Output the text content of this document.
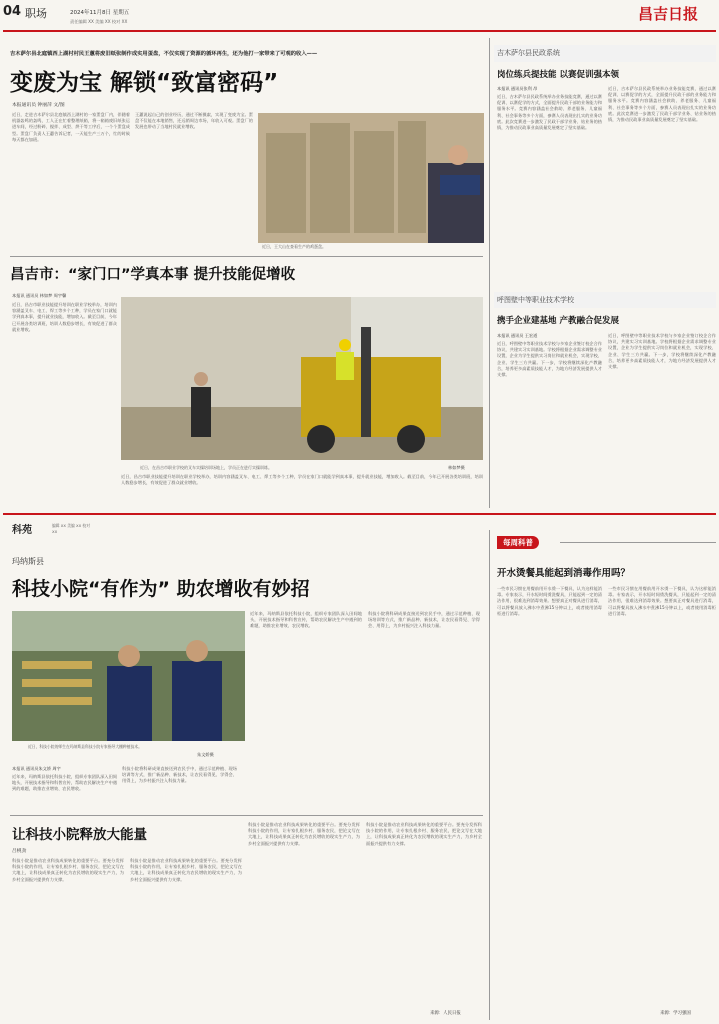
04 职场	2024年11月8日 星期五
责任编辑 XX 美编 XX 校对 XX	昌吉日报
吉木萨尔县北庭镇西上湖村村民王蕙将废旧纸张制作成实用蛋盘，不仅实现了资源的循环再生，还为他打一家带来了可观的收入——
变废为宝 解锁“致富密码”
本报通讯员 钟丽萍 文/图
近日，走进吉木萨尔县北庭镇西上湖村的一家蛋盘厂内，伴随着机器轰鸣的轰鸣，工人正在忙着整理纸箱，将一箱箱废旧纸张运进车间，经过粉碎、搅拌、成型、烘干等工序后，一个个蛋盘成型。蛋盘厂负责人王蕙告诉记者，一天能生产三万个，忙的时候每天都在加班。
王蕙说起自己的创业经历，通过不断摸索，实现了变废为宝。蛋盘不仅能在本地销售，还远销周边市场，年收入可观。蛋盘厂的发展也带动了当地村民就业增收。
近日，王大山在查看生产的鸡蛋盘。
昌吉市：“家门口”学真本事 提升技能促增收
本报讯 通讯员 林如梦 周宇馨
近日，昌吉市职业技能提升培训在职业学校举办，培训内容涵盖叉车、电工、焊工等多个工种，学员在家门口就能学到真本事，提升就业技能，增加收入。截至目前，今年已开展各类培训班，培训人数稳步增长，有效促进了群众就业增收。
近日，在昌吉市职业学校的叉车实操培训场地上，学员正在进行实操训练。	林如梦摄
近日，昌吉市职业技能提升培训在职业学校举办，培训内容涵盖叉车、电工、焊工等多个工种，学员在家门口就能学到真本事，提升就业技能，增加收入。截至目前，今年已开展各类培训班，培训人数稳步增长，有效促进了群众就业增收。
吉木萨尔县民政系统
岗位练兵提技能 以赛促训强本领
本报讯 通讯员张利 昂
近日，吉木萨尔县民政系统举办业务技能竞赛，通过以赛促训、以赛促学的方式，全面提升民政干部的业务能力和服务水平。竞赛内容涵盖社会救助、养老服务、儿童福利、社会事务等多个方面，参赛人员表现出扎实的业务功底。此次竞赛进一步激发了民政干部学业务、钻业务的热情，为推动民政事业高质量发展奠定了坚实基础。
近日，吉木萨尔县民政系统举办业务技能竞赛，通过以赛促训、以赛促学的方式，全面提升民政干部的业务能力和服务水平。竞赛内容涵盖社会救助、养老服务、儿童福利、社会事务等多个方面，参赛人员表现出扎实的业务功底。此次竞赛进一步激发了民政干部学业务、钻业务的热情，为推动民政事业高质量发展奠定了坚实基础。
呼图壁中等职业技术学校
携手企业建基地 产教融合促发展
本报讯 通讯员 王宏道
近日，呼图壁中等职业技术学校与多家企业签订校企合作协议，共建实习实训基地。学校将根据企业需求调整专业设置，企业为学生提供实习岗位和就业机会，实现学校、企业、学生三方共赢。下一步，学校将继续深化产教融合，培养更多高素质技能人才，为地方经济发展提供人才支撑。
近日，呼图壁中等职业技术学校与多家企业签订校企合作协议，共建实习实训基地。学校将根据企业需求调整专业设置，企业为学生提供实习岗位和就业机会，实现学校、企业、学生三方共赢。下一步，学校将继续深化产教融合，培养更多高素质技能人才，为地方经济发展提供人才支撑。
科苑	编辑 XX 美编 XX 校对 XX
玛纳斯县
科技小院“有作为” 助农增收有妙招
近日，科技小院的师生在玛纳斯县科技小院专家指导大棚种植技术。
朱文娇摄
本报讯 通讯员朱文娇 周宇
近年来，玛纳斯县依托科技小院，组织专家团队深入田间地头，开展技术指导和科普宣传，帮助农民解决生产中遇到的难题，助推农业增效、农民增收。
科技小院将科研成果直接送到农民手中，通过示范种植、现场培训等方式，推广新品种、新技术，让农民看得见、学得会、用得上，为乡村振兴注入科技力量。
近年来，玛纳斯县依托科技小院，组织专家团队深入田间地头，开展技术指导和科普宣传，帮助农民解决生产中遇到的难题，助推农业增效、农民增收。
科技小院将科研成果直接送到农民手中，通过示范种植、现场培训等方式，推广新品种、新技术，让农民看得见、学得会、用得上，为乡村振兴注入科技力量。
让科技小院释放大能量
吕桃劲
科技小院是推动农业科技成果转化的重要平台。要充分发挥科技小院的作用，让专家扎根乡村、服务农民，把论文写在大地上，让科技成果真正转化为农民增收的现实生产力，为乡村全面振兴提供有力支撑。
科技小院是推动农业科技成果转化的重要平台。要充分发挥科技小院的作用，让专家扎根乡村、服务农民，把论文写在大地上，让科技成果真正转化为农民增收的现实生产力，为乡村全面振兴提供有力支撑。
科技小院是推动农业科技成果转化的重要平台。要充分发挥科技小院的作用，让专家扎根乡村、服务农民，把论文写在大地上，让科技成果真正转化为农民增收的现实生产力，为乡村全面振兴提供有力支撑。
科技小院是推动农业科技成果转化的重要平台。要充分发挥科技小院的作用，让专家扎根乡村、服务农民，把论文写在大地上，让科技成果真正转化为农民增收的现实生产力，为乡村全面振兴提供有力支撑。
来源：人民日报
每周科普
开水烫餐具能起到消毒作用吗？
一些市民习惯在用餐前用开水烫一下餐具，认为这样能消毒。专家表示，开水短时间烫洗餐具，只能起到一定的清洁作用，很难达到消毒效果。想要真正对餐具进行消毒，可以将餐具放入沸水中煮沸15分钟以上，或者使用消毒柜进行消毒。
一些市民习惯在用餐前用开水烫一下餐具，认为这样能消毒。专家表示，开水短时间烫洗餐具，只能起到一定的清洁作用，很难达到消毒效果。想要真正对餐具进行消毒，可以将餐具放入沸水中煮沸15分钟以上，或者使用消毒柜进行消毒。
来源：学习强国
